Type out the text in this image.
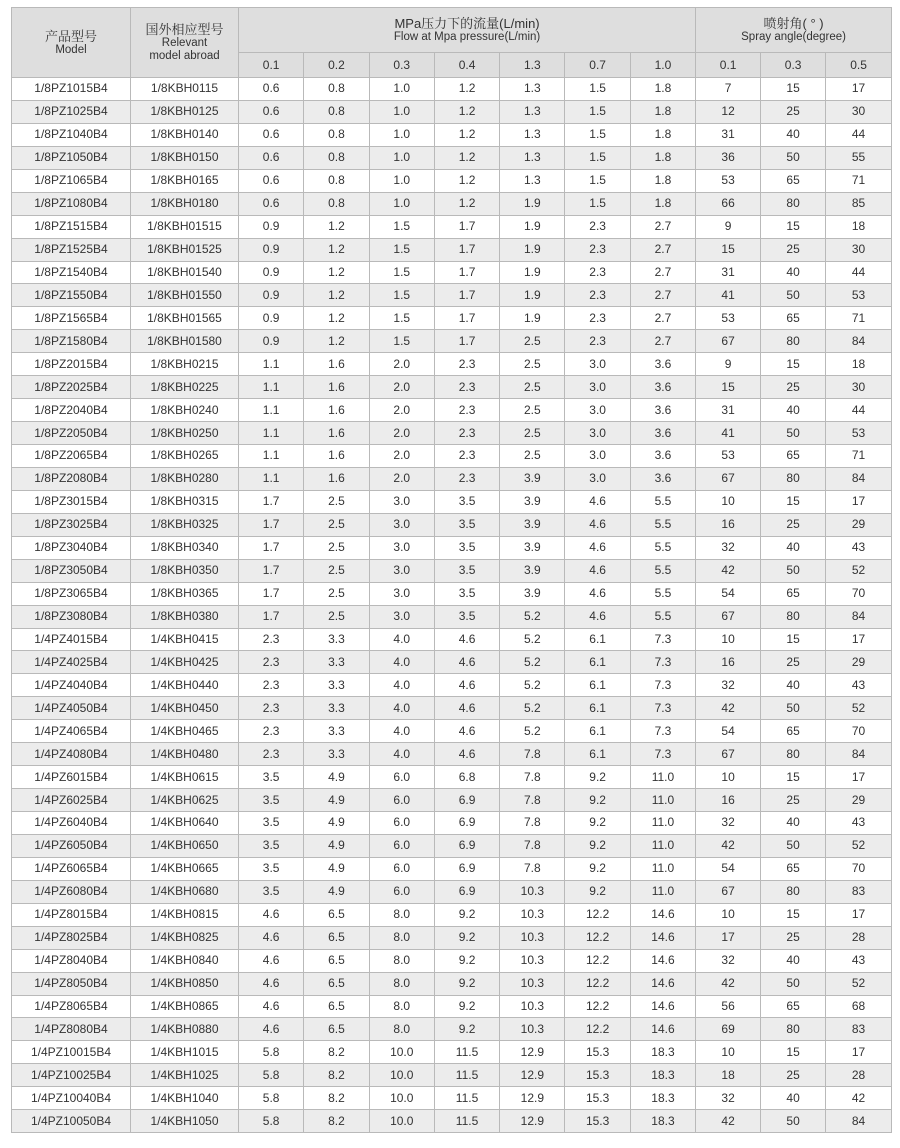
产品型号
Model	国外相应型号
Relevant
model abroad	MPa压力下的流量(L/min)
Flow at Mpa pressure(L/min)							喷射角( ° )
Spray angle(degree)		

		0.1	0.2	0.3	0.4	1.3	0.7	1.0	0.1	0.3	0.5
1/8PZ1015B4	1/8KBH0115	0.6	0.8	1.0	1.2	1.3	1.5	1.8	7	15	17
1/8PZ1025B4	1/8KBH0125	0.6	0.8	1.0	1.2	1.3	1.5	1.8	12	25	30
1/8PZ1040B4	1/8KBH0140	0.6	0.8	1.0	1.2	1.3	1.5	1.8	31	40	44
1/8PZ1050B4	1/8KBH0150	0.6	0.8	1.0	1.2	1.3	1.5	1.8	36	50	55
1/8PZ1065B4	1/8KBH0165	0.6	0.8	1.0	1.2	1.3	1.5	1.8	53	65	71
1/8PZ1080B4	1/8KBH0180	0.6	0.8	1.0	1.2	1.9	1.5	1.8	66	80	85
1/8PZ1515B4	1/8KBH01515	0.9	1.2	1.5	1.7	1.9	2.3	2.7	9	15	18
1/8PZ1525B4	1/8KBH01525	0.9	1.2	1.5	1.7	1.9	2.3	2.7	15	25	30
1/8PZ1540B4	1/8KBH01540	0.9	1.2	1.5	1.7	1.9	2.3	2.7	31	40	44
1/8PZ1550B4	1/8KBH01550	0.9	1.2	1.5	1.7	1.9	2.3	2.7	41	50	53
1/8PZ1565B4	1/8KBH01565	0.9	1.2	1.5	1.7	1.9	2.3	2.7	53	65	71
1/8PZ1580B4	1/8KBH01580	0.9	1.2	1.5	1.7	2.5	2.3	2.7	67	80	84
1/8PZ2015B4	1/8KBH0215	1.1	1.6	2.0	2.3	2.5	3.0	3.6	9	15	18
1/8PZ2025B4	1/8KBH0225	1.1	1.6	2.0	2.3	2.5	3.0	3.6	15	25	30
1/8PZ2040B4	1/8KBH0240	1.1	1.6	2.0	2.3	2.5	3.0	3.6	31	40	44
1/8PZ2050B4	1/8KBH0250	1.1	1.6	2.0	2.3	2.5	3.0	3.6	41	50	53
1/8PZ2065B4	1/8KBH0265	1.1	1.6	2.0	2.3	2.5	3.0	3.6	53	65	71
1/8PZ2080B4	1/8KBH0280	1.1	1.6	2.0	2.3	3.9	3.0	3.6	67	80	84
1/8PZ3015B4	1/8KBH0315	1.7	2.5	3.0	3.5	3.9	4.6	5.5	10	15	17
1/8PZ3025B4	1/8KBH0325	1.7	2.5	3.0	3.5	3.9	4.6	5.5	16	25	29
1/8PZ3040B4	1/8KBH0340	1.7	2.5	3.0	3.5	3.9	4.6	5.5	32	40	43
1/8PZ3050B4	1/8KBH0350	1.7	2.5	3.0	3.5	3.9	4.6	5.5	42	50	52
1/8PZ3065B4	1/8KBH0365	1.7	2.5	3.0	3.5	3.9	4.6	5.5	54	65	70
1/8PZ3080B4	1/8KBH0380	1.7	2.5	3.0	3.5	5.2	4.6	5.5	67	80	84
1/4PZ4015B4	1/4KBH0415	2.3	3.3	4.0	4.6	5.2	6.1	7.3	10	15	17
1/4PZ4025B4	1/4KBH0425	2.3	3.3	4.0	4.6	5.2	6.1	7.3	16	25	29
1/4PZ4040B4	1/4KBH0440	2.3	3.3	4.0	4.6	5.2	6.1	7.3	32	40	43
1/4PZ4050B4	1/4KBH0450	2.3	3.3	4.0	4.6	5.2	6.1	7.3	42	50	52
1/4PZ4065B4	1/4KBH0465	2.3	3.3	4.0	4.6	5.2	6.1	7.3	54	65	70
1/4PZ4080B4	1/4KBH0480	2.3	3.3	4.0	4.6	7.8	6.1	7.3	67	80	84
1/4PZ6015B4	1/4KBH0615	3.5	4.9	6.0	6.8	7.8	9.2	11.0	10	15	17
1/4PZ6025B4	1/4KBH0625	3.5	4.9	6.0	6.9	7.8	9.2	11.0	16	25	29
1/4PZ6040B4	1/4KBH0640	3.5	4.9	6.0	6.9	7.8	9.2	11.0	32	40	43
1/4PZ6050B4	1/4KBH0650	3.5	4.9	6.0	6.9	7.8	9.2	11.0	42	50	52
1/4PZ6065B4	1/4KBH0665	3.5	4.9	6.0	6.9	7.8	9.2	11.0	54	65	70
1/4PZ6080B4	1/4KBH0680	3.5	4.9	6.0	6.9	10.3	9.2	11.0	67	80	83
1/4PZ8015B4	1/4KBH0815	4.6	6.5	8.0	9.2	10.3	12.2	14.6	10	15	17
1/4PZ8025B4	1/4KBH0825	4.6	6.5	8.0	9.2	10.3	12.2	14.6	17	25	28
1/4PZ8040B4	1/4KBH0840	4.6	6.5	8.0	9.2	10.3	12.2	14.6	32	40	43
1/4PZ8050B4	1/4KBH0850	4.6	6.5	8.0	9.2	10.3	12.2	14.6	42	50	52
1/4PZ8065B4	1/4KBH0865	4.6	6.5	8.0	9.2	10.3	12.2	14.6	56	65	68
1/4PZ8080B4	1/4KBH0880	4.6	6.5	8.0	9.2	10.3	12.2	14.6	69	80	83
1/4PZ10015B4	1/4KBH1015	5.8	8.2	10.0	11.5	12.9	15.3	18.3	10	15	17
1/4PZ10025B4	1/4KBH1025	5.8	8.2	10.0	11.5	12.9	15.3	18.3	18	25	28
1/4PZ10040B4	1/4KBH1040	5.8	8.2	10.0	11.5	12.9	15.3	18.3	32	40	42
1/4PZ10050B4	1/4KBH1050	5.8	8.2	10.0	11.5	12.9	15.3	18.3	42	50	84
